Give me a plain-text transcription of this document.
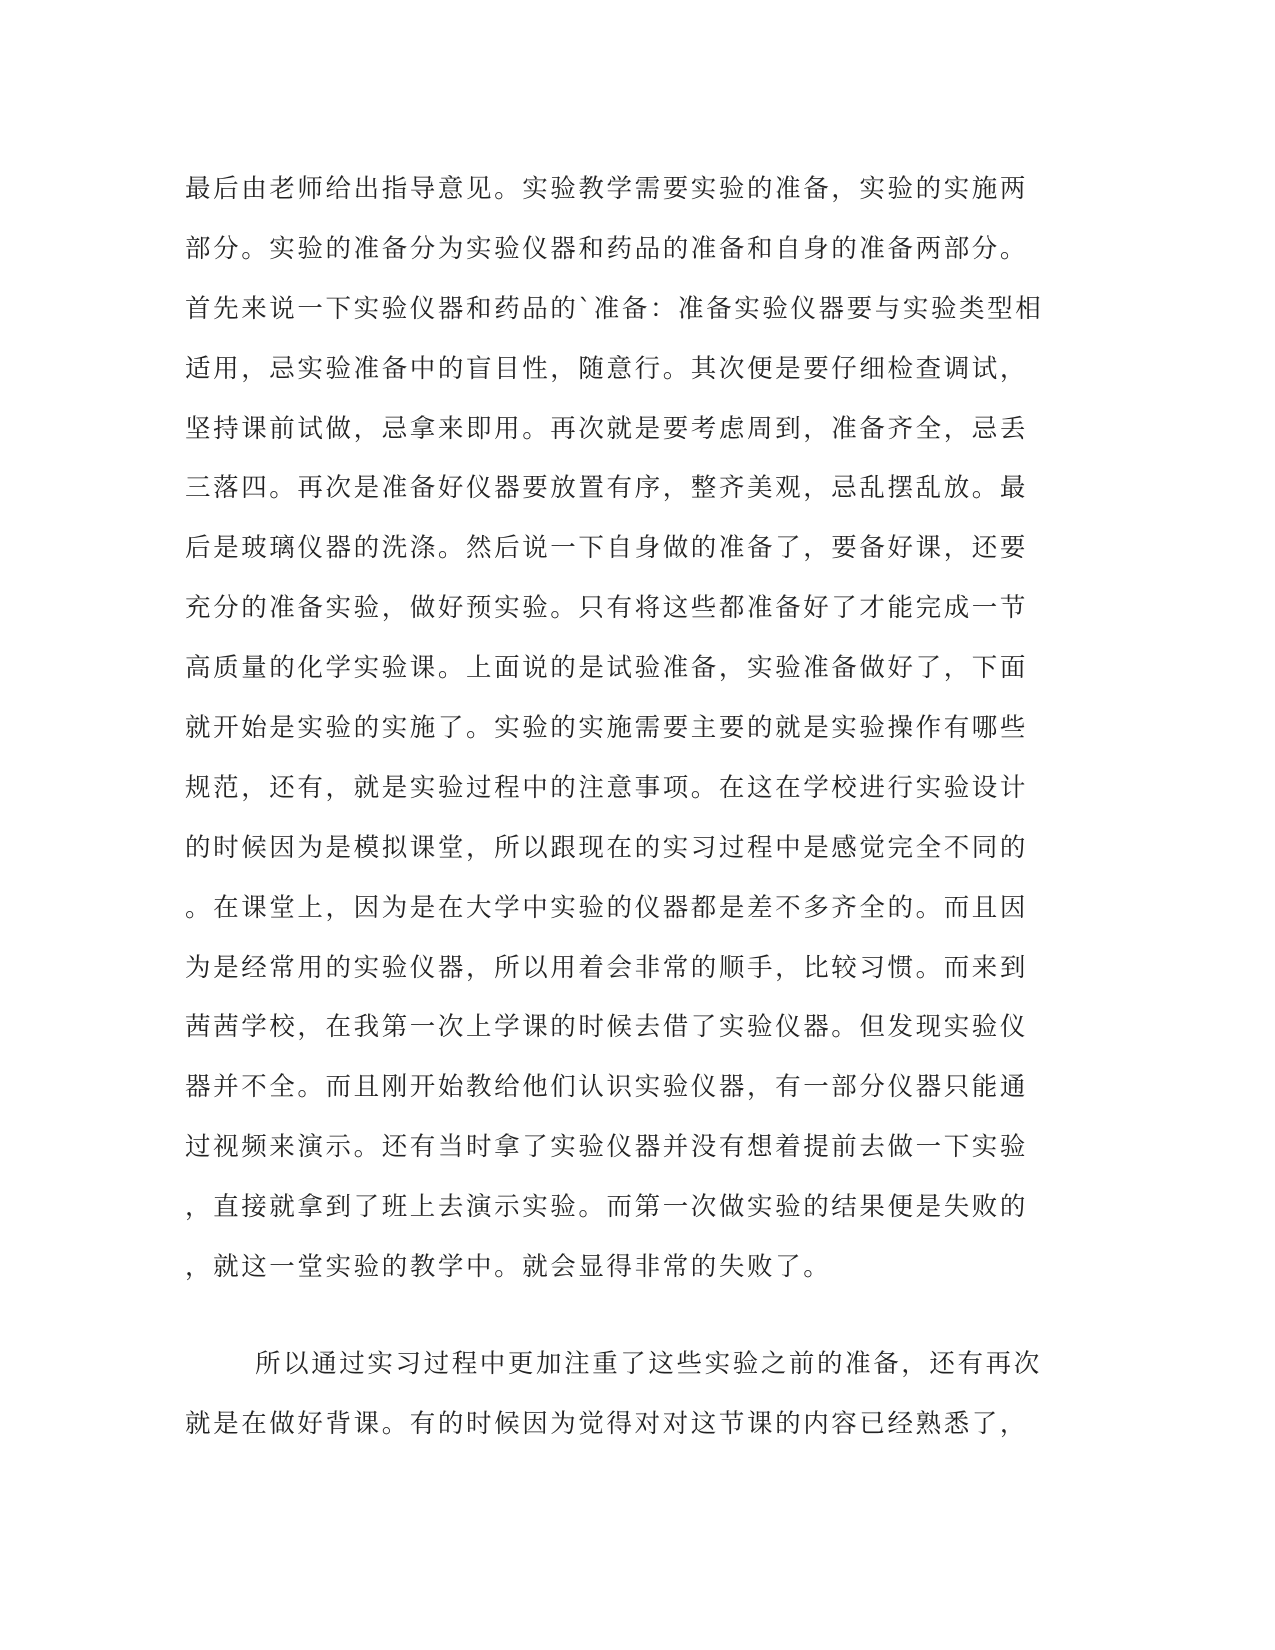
最后由老师给出指导意见。实验教学需要实验的准备，实验的实施两

部分。实验的准备分为实验仪器和药品的准备和自身的准备两部分。

首先来说一下实验仪器和药品的`准备：准备实验仪器要与实验类型相

适用，忌实验准备中的盲目性，随意行。其次便是要仔细检查调试，

坚持课前试做，忌拿来即用。再次就是要考虑周到，准备齐全，忌丢

三落四。再次是准备好仪器要放置有序，整齐美观，忌乱摆乱放。最

后是玻璃仪器的洗涤。然后说一下自身做的准备了，要备好课，还要

充分的准备实验，做好预实验。只有将这些都准备好了才能完成一节

高质量的化学实验课。上面说的是试验准备，实验准备做好了，下面

就开始是实验的实施了。实验的实施需要主要的就是实验操作有哪些

规范，还有，就是实验过程中的注意事项。在这在学校进行实验设计

的时候因为是模拟课堂，所以跟现在的实习过程中是感觉完全不同的

。在课堂上，因为是在大学中实验的仪器都是差不多齐全的。而且因

为是经常用的实验仪器，所以用着会非常的顺手，比较习惯。而来到

茜茜学校，在我第一次上学课的时候去借了实验仪器。但发现实验仪

器并不全。而且刚开始教给他们认识实验仪器，有一部分仪器只能通

过视频来演示。还有当时拿了实验仪器并没有想着提前去做一下实验

，直接就拿到了班上去演示实验。而第一次做实验的结果便是失败的

，就这一堂实验的教学中。就会显得非常的失败了。

所以通过实习过程中更加注重了这些实验之前的准备，还有再次

就是在做好背课。有的时候因为觉得对对这节课的内容已经熟悉了，
